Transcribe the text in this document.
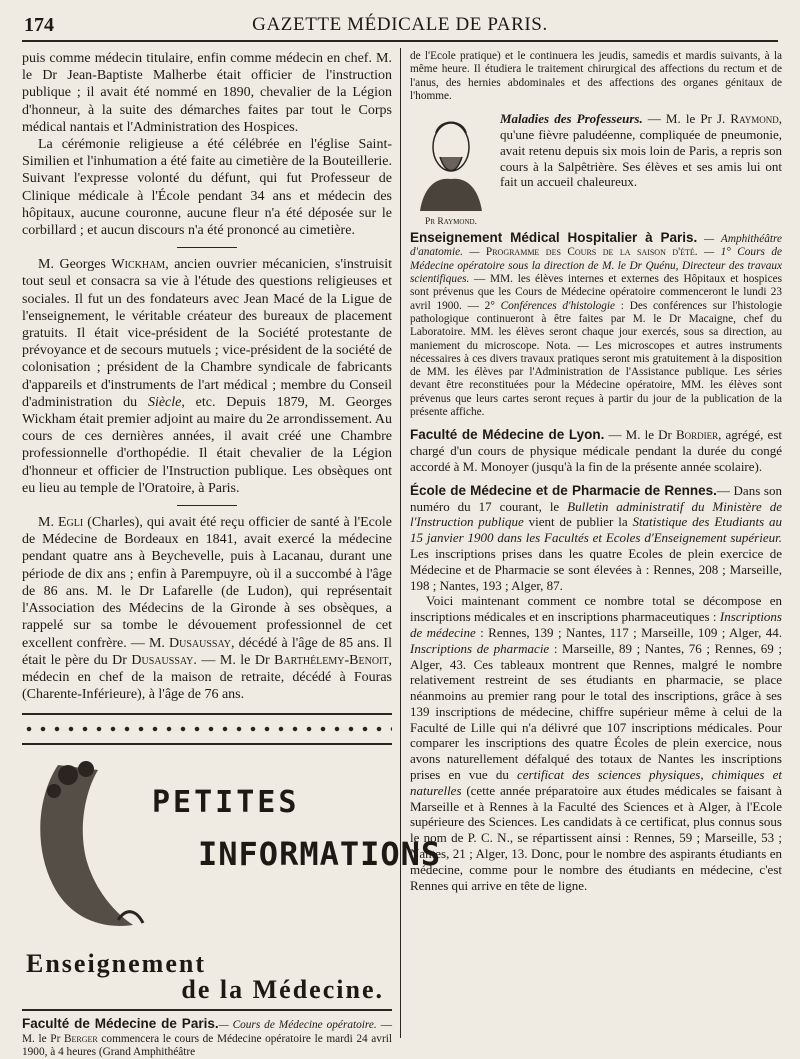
174	GAZETTE MÉDICALE DE PARIS.

puis comme médecin titulaire, enfin comme médecin en chef. M. le Dr Jean-Baptiste Malherbe était officier de l'instruction publique ; il avait été nommé en 1890, chevalier de la Légion d'honneur, à la suite des démarches faites par tout le Corps médical nantais et l'Administration des Hospices.

La cérémonie religieuse a été célébrée en l'église Saint-Similien et l'inhumation a été faite au cimetière de la Bouteillerie. Suivant l'expresse volonté du défunt, qui fut Professeur de Clinique médicale à l'École pendant 34 ans et médecin des hôpitaux, aucune couronne, aucune fleur n'a été déposée sur le corbillard ; et aucun discours n'a été prononcé au cimetière.

M. Georges Wickham, ancien ouvrier mécanicien, s'instruisit tout seul et consacra sa vie à l'étude des questions religieuses et sociales. Il fut un des fondateurs avec Jean Macé de la Ligue de l'enseignement, le véritable créateur des bureaux de placement gratuits. Il était vice-président de la Société protestante de prévoyance et de secours mutuels ; vice-président de la société de colonisation ; président de la Chambre syndicale de fabricants d'appareils et d'instruments de l'art médical ; membre du Conseil d'administration du Siècle, etc. Depuis 1879, M. Georges Wickham était premier adjoint au maire du 2e arrondissement. Au cours de ces dernières années, il avait créé une Chambre professionnelle d'orthopédie. Il était chevalier de la Légion d'honneur et officier de l'Instruction publique. Les obsèques ont eu lieu au temple de l'Oratoire, à Paris.

M. Egli (Charles), qui avait été reçu officier de santé à l'Ecole de Médecine de Bordeaux en 1841, avait exercé la médecine pendant quatre ans à Beychevelle, puis à Lacanau, durant une période de dix ans ; enfin à Parempuyre, où il a succombé à l'âge de 86 ans. M. le Dr Lafarelle (de Ludon), qui représentait l'Association des Médecins de la Gironde à ses obsèques, a rappelé sur sa tombe le dévouement professionnel de cet excellent confrère. — M. Dusaussay, décédé à l'âge de 85 ans. Il était le père du Dr Dusaussay. — M. le Dr Barthélemy-Benoit, médecin en chef de la maison de retraite, décédé à Fouras (Charente-Inférieure), à l'âge de 76 ans.

PETITES
INFORMATIONS
Enseignement
de la Médecine.

Faculté de Médecine de Paris.— Cours de Médecine opératoire. — M. le Pr Berger commencera le cours de Médecine opératoire le mardi 24 avril 1900, à 4 heures (Grand Amphithéâtre

de l'Ecole pratique) et le continuera les jeudis, samedis et mardis suivants, à la même heure. Il étudiera le traitement chirurgical des affections du rectum et de l'anus, des hernies abdominales et des affections des organes génitaux de l'homme.

Pr Raymond.

Maladies des Professeurs. — M. le Pr J. Raymond, qu'une fièvre paludéenne, compliquée de pneumonie, avait retenu depuis six mois loin de Paris, a repris son cours à la Salpêtrière. Ses élèves et ses amis lui ont fait un accueil chaleureux.

Enseignement Médical Hospitalier à Paris. — Amphithéâtre d'anatomie. — Programme des Cours de la saison d'été. — 1° Cours de Médecine opératoire sous la direction de M. le Dr Quénu, Directeur des travaux scientifiques. — MM. les élèves internes et externes des Hôpitaux et hospices sont prévenus que les Cours de Médecine opératoire commenceront le lundi 23 avril 1900. — 2° Conférences d'histologie : Des conférences sur l'histologie pathologique continueront à être faites par M. le Dr Macaigne, chef du Laboratoire. MM. les élèves seront chaque jour exercés, sous sa direction, au maniement du microscope. Nota. — Les microscopes et autres instruments nécessaires à ces divers travaux pratiques seront mis gratuitement à la disposition de MM. les élèves par l'Administration de l'Assistance publique. Les séries devant être reconstituées pour la Médecine opératoire, MM. les élèves sont prévenus que leurs cartes seront reçues à partir du jour de la publication de la présente affiche.

Faculté de Médecine de Lyon. — M. le Dr Bordier, agrégé, est chargé d'un cours de physique médicale pendant la durée du congé accordé à M. Monoyer (jusqu'à la fin de la présente année scolaire).

École de Médecine et de Pharmacie de Rennes.— Dans son numéro du 17 courant, le Bulletin administratif du Ministère de l'Instruction publique vient de publier la Statistique des Etudiants au 15 janvier 1900 dans les Facultés et Ecoles d'Enseignement supérieur. Les inscriptions prises dans les quatre Ecoles de plein exercice de Médecine et de Pharmacie se sont élevées à : Rennes, 208 ; Marseille, 198 ; Nantes, 193 ; Alger, 87.

Voici maintenant comment ce nombre total se décompose en inscriptions médicales et en inscriptions pharmaceutiques : Inscriptions de médecine : Rennes, 139 ; Nantes, 117 ; Marseille, 109 ; Alger, 44. Inscriptions de pharmacie : Marseille, 89 ; Nantes, 76 ; Rennes, 69 ; Alger, 43. Ces tableaux montrent que Rennes, malgré le nombre relativement restreint de ses étudiants en pharmacie, se place néanmoins au premier rang pour le total des inscriptions, grâce à ses 139 inscriptions de médecine, chiffre supérieur même à celui de la Faculté de Lille qui n'a délivré que 107 inscriptions médicales. Pour comparer les inscriptions des quatre Écoles de plein exercice, nous avons naturellement défalqué des totaux de Nantes les inscriptions prises en vue du certificat des sciences physiques, chimiques et naturelles (cette année préparatoire aux études médicales se faisant à Marseille et à Rennes à la Faculté des Sciences et à Alger, à l'Ecole supérieure des Sciences. Les candidats à ce certificat, plus connus sous le nom de P. C. N., se répartissent ainsi : Rennes, 59 ; Marseille, 53 ; Nantes, 21 ; Alger, 13. Donc, pour le nombre des aspirants étudiants en médecine, comme pour le nombre des étudiants en médecine, c'est Rennes qui arrive en tête de ligne.
